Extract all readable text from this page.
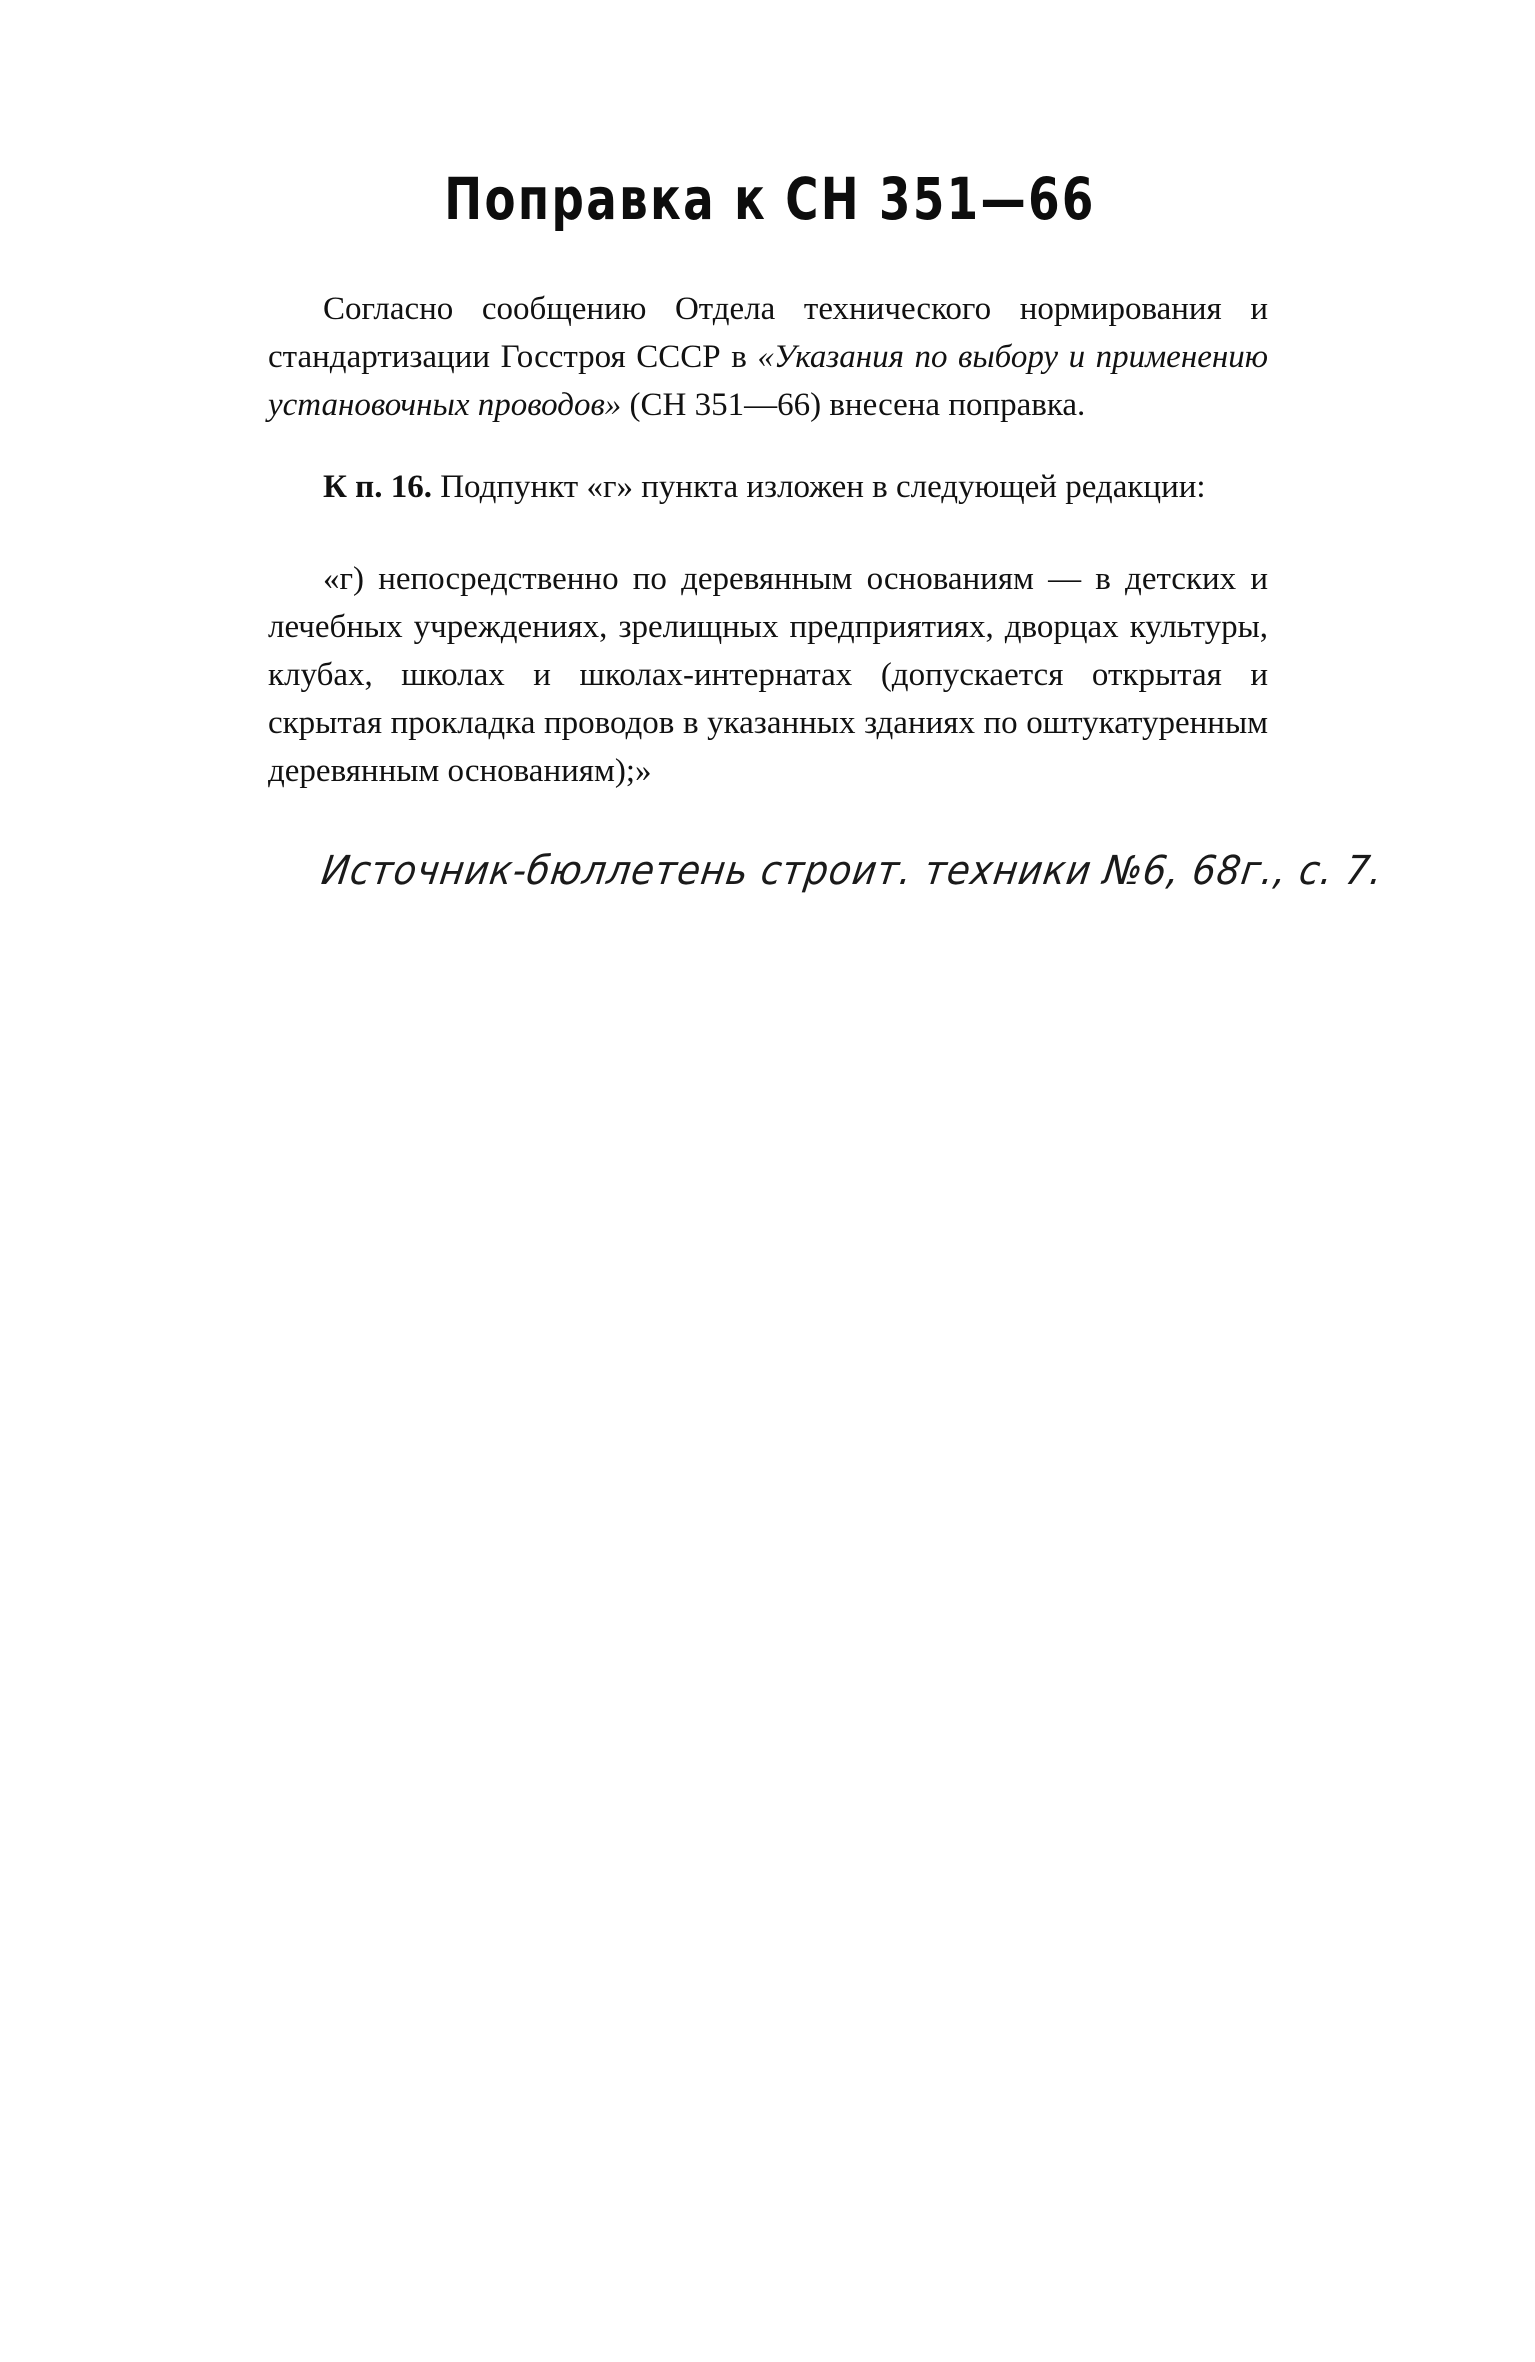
Поправка к СН 351—66
Согласно сообщению Отдела технического нормирования и стандартизации Госстроя СССР в «Указания по выбору и применению установочных проводов» (СН 351—66) внесена поправка.
К п. 16. Подпункт «г» пункта изложен в следующей редакции:
«г) непосредственно по деревянным основаниям — в детских и лечебных учреждениях, зрелищных предприятиях, дворцах культуры, клубах, школах и школах-интернатах (допускается открытая и скрытая прокладка проводов в указанных зданиях по оштукатуренным деревянным основаниям);»
Источник-бюллетень строит. техники №6, 68г., с. 7.
